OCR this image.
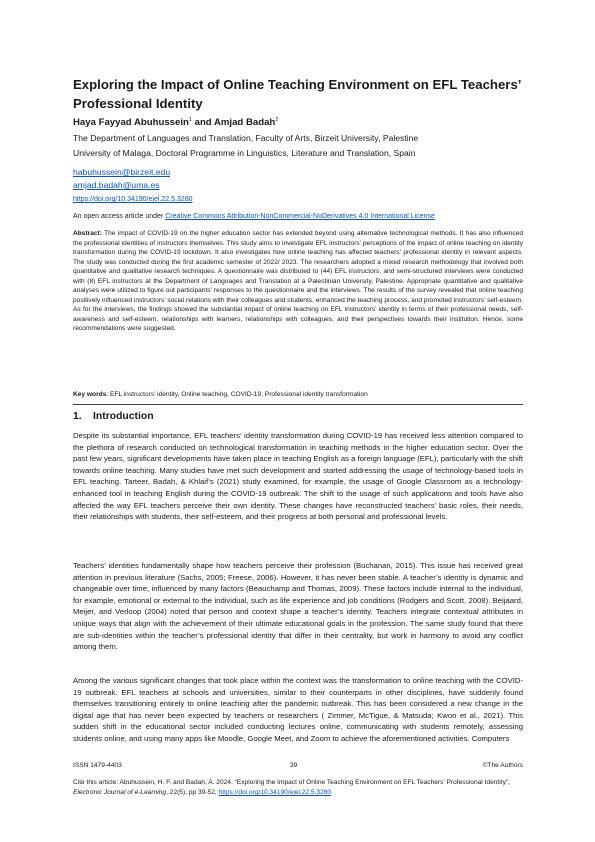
Exploring the Impact of Online Teaching Environment on EFL Teachers’ Professional Identity

Haya Fayyad Abuhussein$^1$ and Amjad Badah$^2$

The Department of Languages and Translation, Faculty of Arts, Birzeit University, Palestine
University of Malaga, Doctoral Programme in Linguistics, Literature and Translation, Spain
habuhussein@birzeit.edu
amjad.badah@uma.es

https://doi.org/10.34190/ejel.22.5.3280

An open access article under Creative Commons Attribution-NonCommercial-NoDerivatives 4.0 International License

Abstract: The impact of COVID-19 on the higher education sector has extended beyond using alternative technological methods. It has also influenced the professional identities of instructors themselves. This study aims to investigate EFL instructors’ perceptions of the impact of online teaching on identity transformation during the COVID-19 lockdown. It also investigates how online teaching has affected teachers’ professional identity in relevant aspects. The study was conducted during the first academic semester of 2022/ 2023. The researchers adopted a mixed research methodology that involved both quantitative and qualitative research techniques. A questionnaire was distributed to (44) EFL instructors, and semi-structured interviews were conducted with (8) EFL instructors at the Department of Languages and Translation at a Palestinian University, Palestine. Appropriate quantitative and qualitative analyses were utilized to figure out participants’ responses to the questionnaire and the interviews. The results of the survey revealed that online teaching positively influenced instructors’ social relations with their colleagues and students, enhanced the teaching process, and promoted instructors’ self-esteem. As for the interviews, the findings showed the substantial impact of online teaching on EFL instructors’ identity in terms of their professional needs, self-awareness and self-esteem, relationships with learners, relationships with colleagues, and their perspectives towards their institution. Hence, some recommendations were suggested.

Key words: EFL instructors’ identity, Online teaching, COVID-19, Professional identity transformation

1. Introduction

Despite its substantial importance, EFL teachers’ identity transformation during COVID-19 has received less attention compared to the plethora of research conducted on technological transformation in teaching methods in the higher education sector. Over the past few years, significant developments have taken place in teaching English as a foreign language (EFL), particularly with the shift towards online teaching. Many studies have met such development and started addressing the usage of technology-based tools in EFL teaching. Tarteer, Badah, & Khlaif’s (2021) study examined, for example, the usage of Google Classroom as a technology-enhanced tool in teaching English during the COVID-19 outbreak. The shift to the usage of such applications and tools have also affected the way EFL teachers perceive their own identity. These changes have reconstructed teachers’ basic roles, their needs, their relationships with students, their self-esteem, and their progress at both personal and professional levels.

Teachers’ identities fundamentally shape how teachers perceive their profession (Buchanan, 2015). This issue has received great attention in previous literature (Sachs, 2005; Freese, 2006). However, it has never been stable. A teacher’s identity is dynamic and changeable over time, influenced by many factors (Beauchamp and Thomas, 2009). These factors include internal to the individual, for example, emotional or external to the individual, such as life experience and job conditions (Rodgers and Scott, 2008). Beijaard, Meijer, and Verloop (2004) noted that person and context shape a teacher’s identity. Teachers integrate contextual attributes in unique ways that align with the achievement of their ultimate educational goals in the profession. The same study found that there are sub-identities within the teacher’s professional identity that differ in their centrality, but work in harmony to avoid any conflict among them.

Among the various significant changes that took place within the context was the transformation to online teaching with the COVID-19 outbreak. EFL teachers at schools and universities, similar to their counterparts in other disciplines, have suddenly found themselves transitioning entirely to online teaching after the pandemic outbreak. This has been considered a new change in the digital age that has never been expected by teachers or researchers ( Zimmer, McTigue, & Matsuda; Kwon et al., 2021). This sudden shift in the educational sector included conducting lectures online, communicating with students remotely, assessing students online, and using many apps like Moodle, Google Meet, and Zoom to achieve the aforementioned activities. Computers

ISSN 1479-4403	39	©The Authors

Cite this article: Abuhussein, H. F. and Badah, A. 2024. “Exploring the Impact of Online Teaching Environment on EFL Teachers’ Professional Identity”, Electronic Journal of e-Learning, 22(5), pp 39-52, https://doi.org/10.34190/ejel.22.5.3280
